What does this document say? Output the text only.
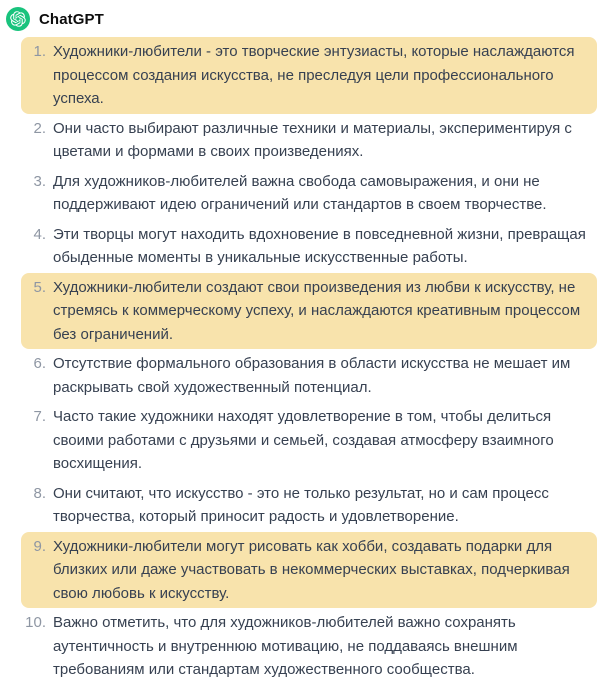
ChatGPT
1. Художники-любители - это творческие энтузиасты, которые наслаждаются процессом создания искусства, не преследуя цели профессионального успеха.
2. Они часто выбирают различные техники и материалы, экспериментируя с цветами и формами в своих произведениях.
3. Для художников-любителей важна свобода самовыражения, и они не поддерживают идею ограничений или стандартов в своем творчестве.
4. Эти творцы могут находить вдохновение в повседневной жизни, превращая обыденные моменты в уникальные искусственные работы.
5. Художники-любители создают свои произведения из любви к искусству, не стремясь к коммерческому успеху, и наслаждаются креативным процессом без ограничений.
6. Отсутствие формального образования в области искусства не мешает им раскрывать свой художественный потенциал.
7. Часто такие художники находят удовлетворение в том, чтобы делиться своими работами с друзьями и семьей, создавая атмосферу взаимного восхищения.
8. Они считают, что искусство - это не только результат, но и сам процесс творчества, который приносит радость и удовлетворение.
9. Художники-любители могут рисовать как хобби, создавать подарки для близких или даже участвовать в некоммерческих выставках, подчеркивая свою любовь к искусству.
10. Важно отметить, что для художников-любителей важно сохранять аутентичность и внутреннюю мотивацию, не поддаваясь внешним требованиям или стандартам художественного сообщества.
